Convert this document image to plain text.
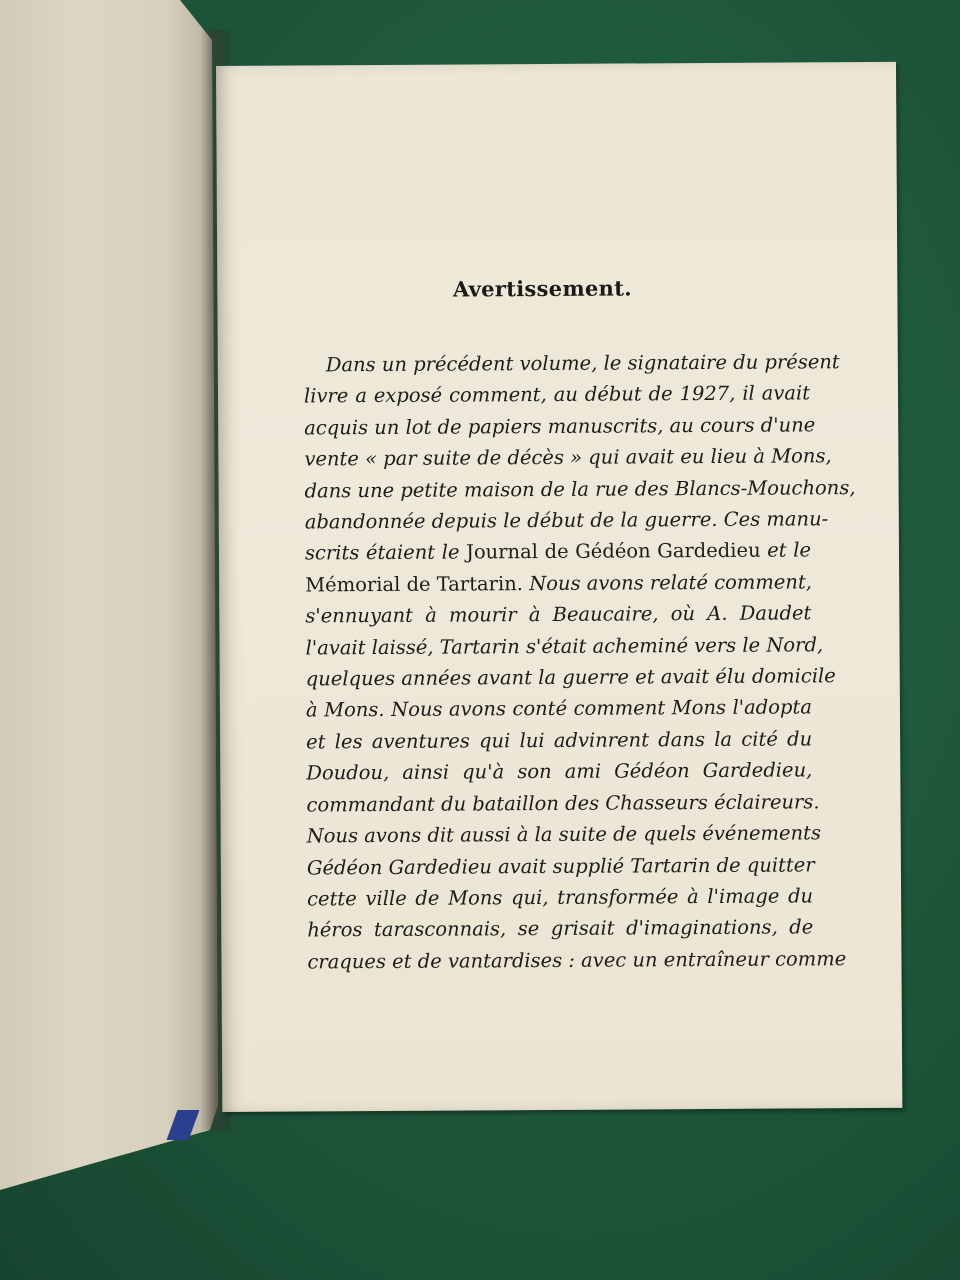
Avertissement.
Dans un précédent volume, le signataire du présent
livre a exposé comment, au début de 1927, il avait
acquis un lot de papiers manuscrits, au cours d'une
vente « par suite de décès » qui avait eu lieu à Mons,
dans une petite maison de la rue des Blancs-Mouchons,
abandonnée depuis le début de la guerre. Ces manu-
scrits étaient le Journal de Gédéon Gardedieu et le
Mémorial de Tartarin. Nous avons relaté comment,
s'ennuyant à mourir à Beaucaire, où A. Daudet
l'avait laissé, Tartarin s'était acheminé vers le Nord,
quelques années avant la guerre et avait élu domicile
à Mons. Nous avons conté comment Mons l'adopta
et les aventures qui lui advinrent dans la cité du
Doudou, ainsi qu'à son ami Gédéon Gardedieu,
commandant du bataillon des Chasseurs éclaireurs.
Nous avons dit aussi à la suite de quels événements
Gédéon Gardedieu avait supplié Tartarin de quitter
cette ville de Mons qui, transformée à l'image du
héros tarasconnais, se grisait d'imaginations, de
craques et de vantardises : avec un entraîneur comme
